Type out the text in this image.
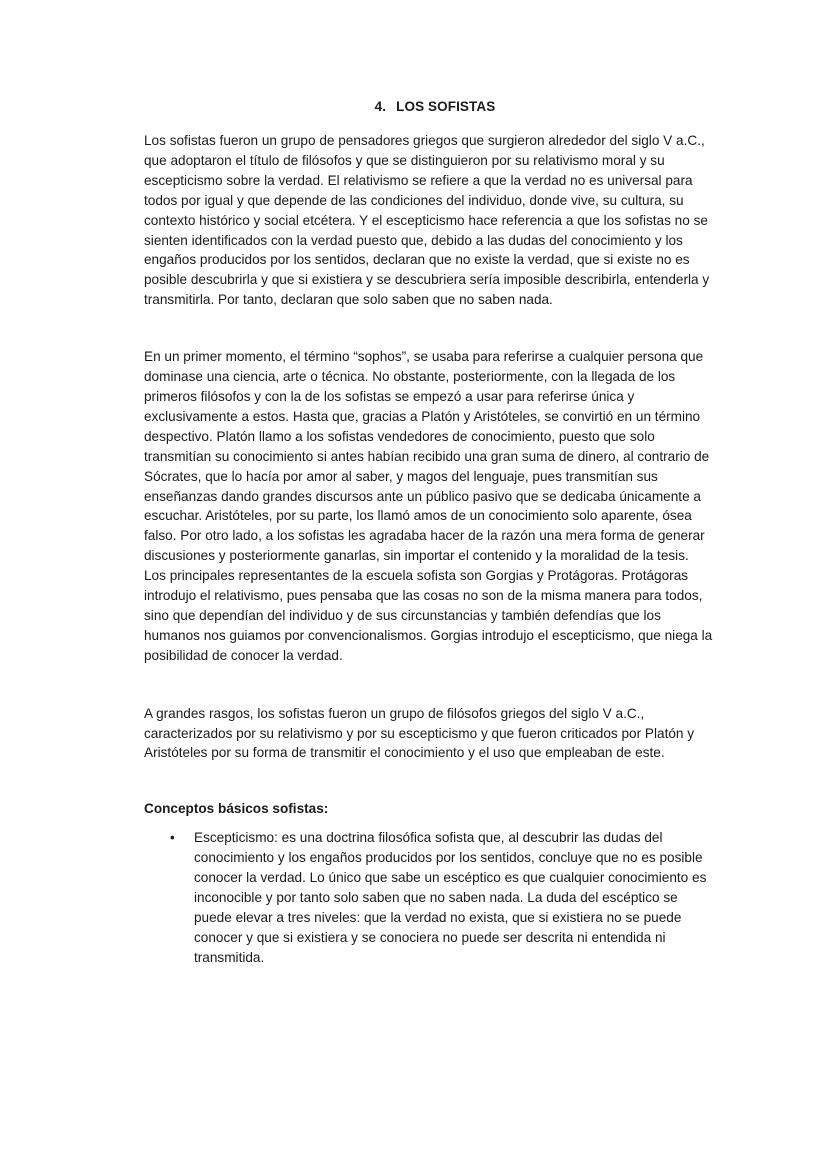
4. LOS SOFISTAS

Los sofistas fueron un grupo de pensadores griegos que surgieron alrededor del siglo V a.C., que adoptaron el título de filósofos y que se distinguieron por su relativismo moral y su escepticismo sobre la verdad. El relativismo se refiere a que la verdad no es universal para todos por igual y que depende de las condiciones del individuo, donde vive, su cultura, su contexto histórico y social etcétera. Y el escepticismo hace referencia a que los sofistas no se sienten identificados con la verdad puesto que, debido a las dudas del conocimiento y los engaños producidos por los sentidos, declaran que no existe la verdad, que si existe no es posible descubrirla y que si existiera y se descubriera sería imposible describirla, entenderla y transmitirla. Por tanto, declaran que solo saben que no saben nada.

En un primer momento, el término “sophos”, se usaba para referirse a cualquier persona que dominase una ciencia, arte o técnica. No obstante, posteriormente, con la llegada de los primeros filósofos y con la de los sofistas se empezó a usar para referirse única y exclusivamente a estos. Hasta que, gracias a Platón y Aristóteles, se convirtió en un término despectivo. Platón llamo a los sofistas vendedores de conocimiento, puesto que solo transmitían su conocimiento si antes habían recibido una gran suma de dinero, al contrario de Sócrates, que lo hacía por amor al saber, y magos del lenguaje, pues transmitían sus enseñanzas dando grandes discursos ante un público pasivo que se dedicaba únicamente a escuchar. Aristóteles, por su parte, los llamó amos de un conocimiento solo aparente, ósea falso. Por otro lado, a los sofistas les agradaba hacer de la razón una mera forma de generar discusiones y posteriormente ganarlas, sin importar el contenido y la moralidad de la tesis. Los principales representantes de la escuela sofista son Gorgias y Protágoras. Protágoras introdujo el relativismo, pues pensaba que las cosas no son de la misma manera para todos, sino que dependían del individuo y de sus circunstancias y también defendías que los humanos nos guiamos por convencionalismos. Gorgias introdujo el escepticismo, que niega la posibilidad de conocer la verdad.

A grandes rasgos, los sofistas fueron un grupo de filósofos griegos del siglo V a.C., caracterizados por su relativismo y por su escepticismo y que fueron criticados por Platón y Aristóteles por su forma de transmitir el conocimiento y el uso que empleaban de este.

Conceptos básicos sofistas:
• Escepticismo: es una doctrina filosófica sofista que, al descubrir las dudas del conocimiento y los engaños producidos por los sentidos, concluye que no es posible conocer la verdad. Lo único que sabe un escéptico es que cualquier conocimiento es inconocible y por tanto solo saben que no saben nada. La duda del escéptico se puede elevar a tres niveles: que la verdad no exista, que si existiera no se puede conocer y que si existiera y se conociera no puede ser descrita ni entendida ni transmitida.
